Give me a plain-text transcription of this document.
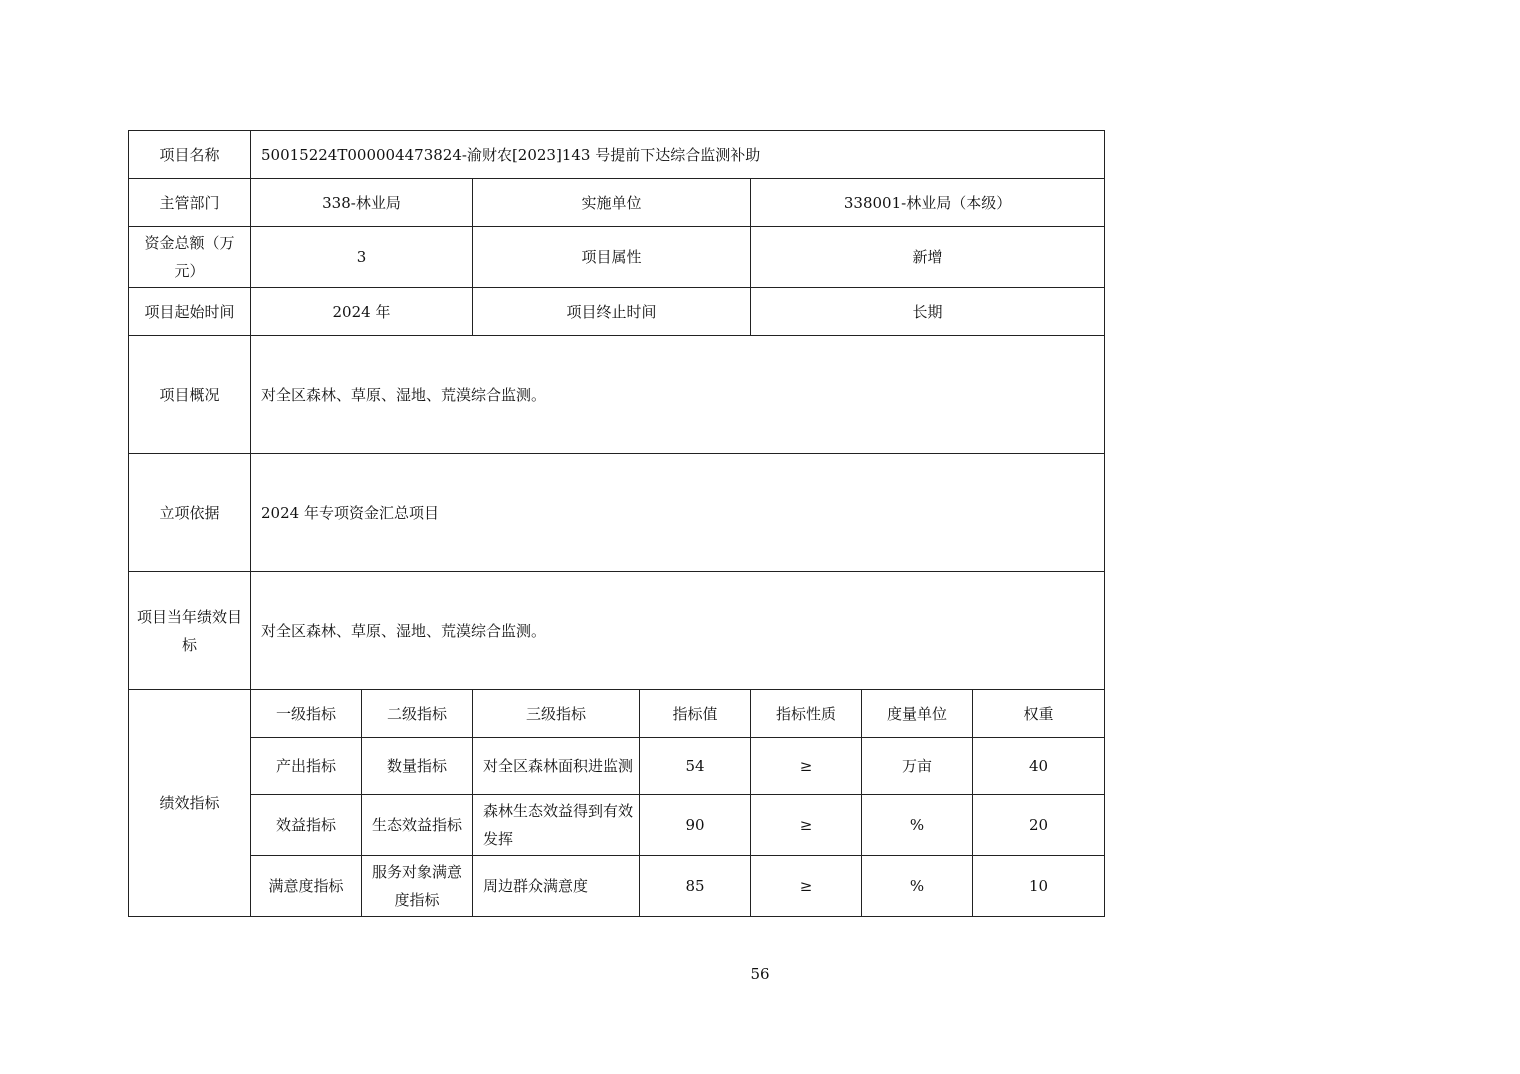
项目名称	50015224T000004473824-渝财农[2023]143 号提前下达综合监测补助						
主管部门	338-林业局		实施单位		338001-林业局（本级）		
资金总额（万元）	3		项目属性		新增		
项目起始时间	2024 年		项目终止时间		长期		
项目概况	对全区森林、草原、湿地、荒漠综合监测。						
立项依据	2024 年专项资金汇总项目						
项目当年绩效目标	对全区森林、草原、湿地、荒漠综合监测。						
绩效指标	一级指标	二级指标	三级指标	指标值	指标性质	度量单位	权重
	产出指标	数量指标	对全区森林面积进监测	54	≥	万亩	40
	效益指标	生态效益指标	森林生态效益得到有效发挥	90	≥	%	20
	满意度指标	服务对象满意度指标	周边群众满意度	85	≥	%	10
56
